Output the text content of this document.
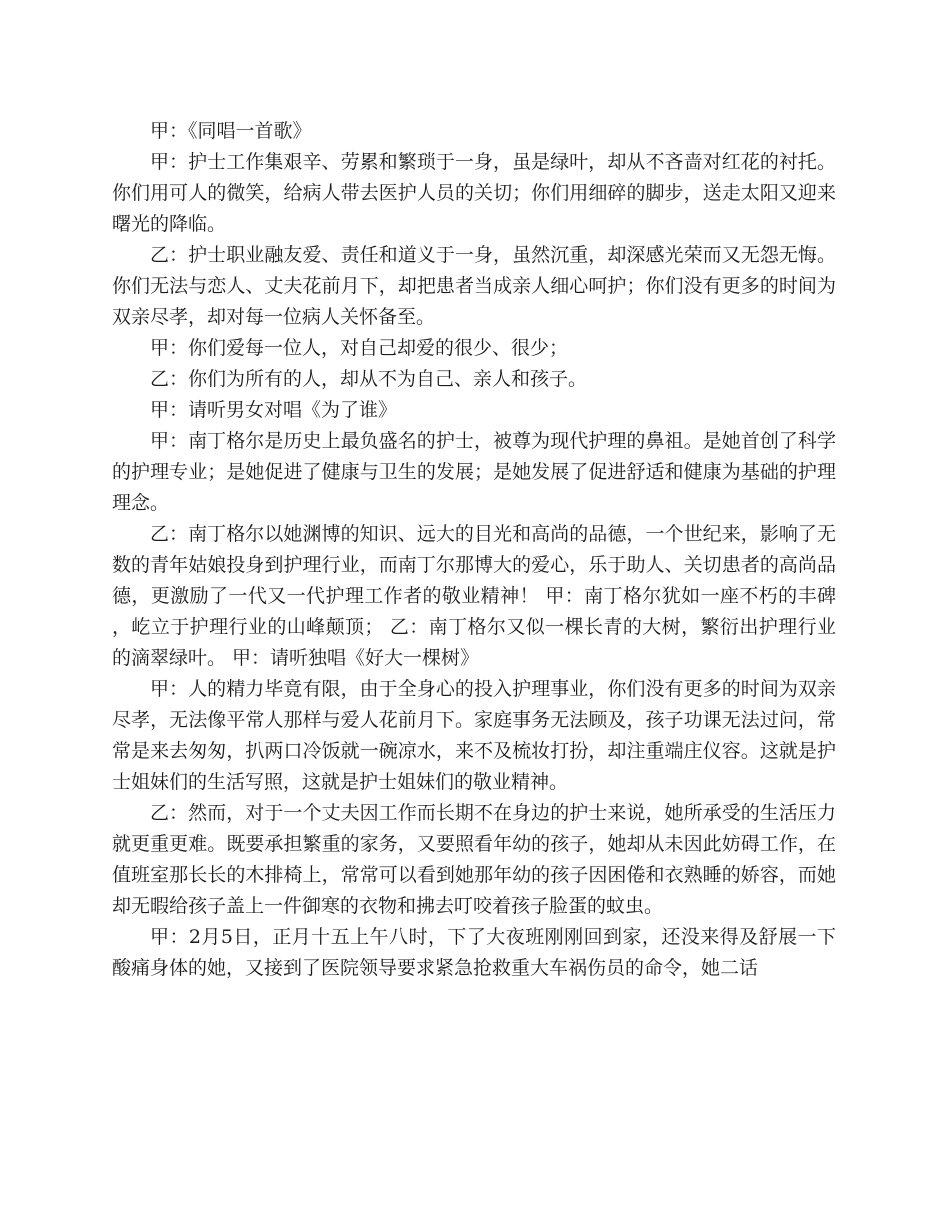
甲：《同唱一首歌》

甲：护士工作集艰辛、劳累和繁琐于一身，虽是绿叶，却从不吝啬对红花的衬托。你们用可人的微笑，给病人带去医护人员的关切；你们用细碎的脚步，送走太阳又迎来曙光的降临。

乙：护士职业融友爱、责任和道义于一身，虽然沉重，却深感光荣而又无怨无悔。你们无法与恋人、丈夫花前月下，却把患者当成亲人细心呵护；你们没有更多的时间为双亲尽孝，却对每一位病人关怀备至。

甲：你们爱每一位人，对自己却爱的很少、很少；

乙：你们为所有的人，却从不为自己、亲人和孩子。

甲：请听男女对唱《为了谁》

甲：南丁格尔是历史上最负盛名的护士，被尊为现代护理的鼻祖。是她首创了科学的护理专业；是她促进了健康与卫生的发展；是她发展了促进舒适和健康为基础的护理理念。

乙：南丁格尔以她渊博的知识、远大的目光和高尚的品德，一个世纪来，影响了无数的青年姑娘投身到护理行业，而南丁尔那博大的爱心，乐于助人、关切患者的高尚品德，更激励了一代又一代护理工作者的敬业精神！ 甲：南丁格尔犹如一座不朽的丰碑，屹立于护理行业的山峰颠顶； 乙：南丁格尔又似一棵长青的大树，繁衍出护理行业的滴翠绿叶。 甲：请听独唱《好大一棵树》

甲：人的精力毕竟有限，由于全身心的投入护理事业，你们没有更多的时间为双亲尽孝，无法像平常人那样与爱人花前月下。家庭事务无法顾及，孩子功课无法过问，常常是来去匆匆，扒两口冷饭就一碗凉水，来不及梳妆打扮，却注重端庄仪容。这就是护士姐妹们的生活写照，这就是护士姐妹们的敬业精神。

乙：然而，对于一个丈夫因工作而长期不在身边的护士来说，她所承受的生活压力就更重更难。既要承担繁重的家务，又要照看年幼的孩子，她却从未因此妨碍工作，在值班室那长长的木排椅上，常常可以看到她那年幼的孩子因困倦和衣熟睡的娇容，而她却无暇给孩子盖上一件御寒的衣物和拂去叮咬着孩子脸蛋的蚊虫。

甲：2月5日，正月十五上午八时，下了大夜班刚刚回到家，还没来得及舒展一下酸痛身体的她，又接到了医院领导要求紧急抢救重大车祸伤员的命令，她二话
